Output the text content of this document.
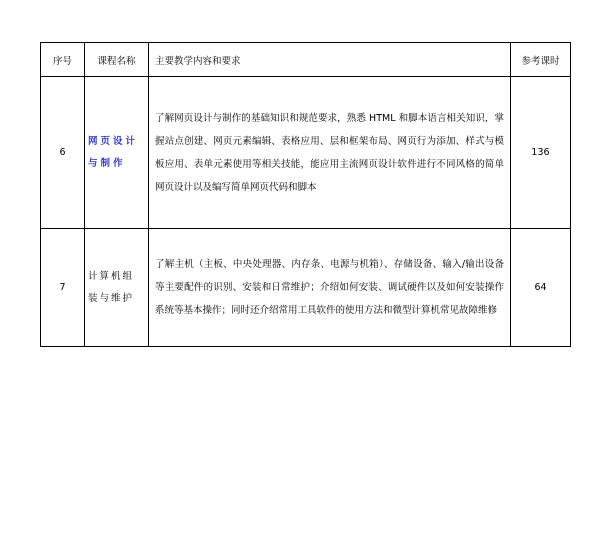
序号	课程名称	主要教学内容和要求	参考课时
6	网页设计与制作	了解网页设计与制作的基础知识和规范要求，熟悉 HTML 和脚本语言相关知识，掌握站点创建、网页元素编辑、表格应用、层和框架布局、网页行为添加、样式与模板应用、表单元素使用等相关技能，能应用主流网页设计软件进行不同风格的简单网页设计以及编写简单网页代码和脚本	136
7	计算机组装与维护	了解主机（主板、中央处理器、内存条、电源与机箱）、存储设备、输入/输出设备等主要配件的识别、安装和日常维护；介绍如何安装、调试硬件以及如何安装操作系统等基本操作；同时还介绍常用工具软件的使用方法和微型计算机常见故障维修	64
